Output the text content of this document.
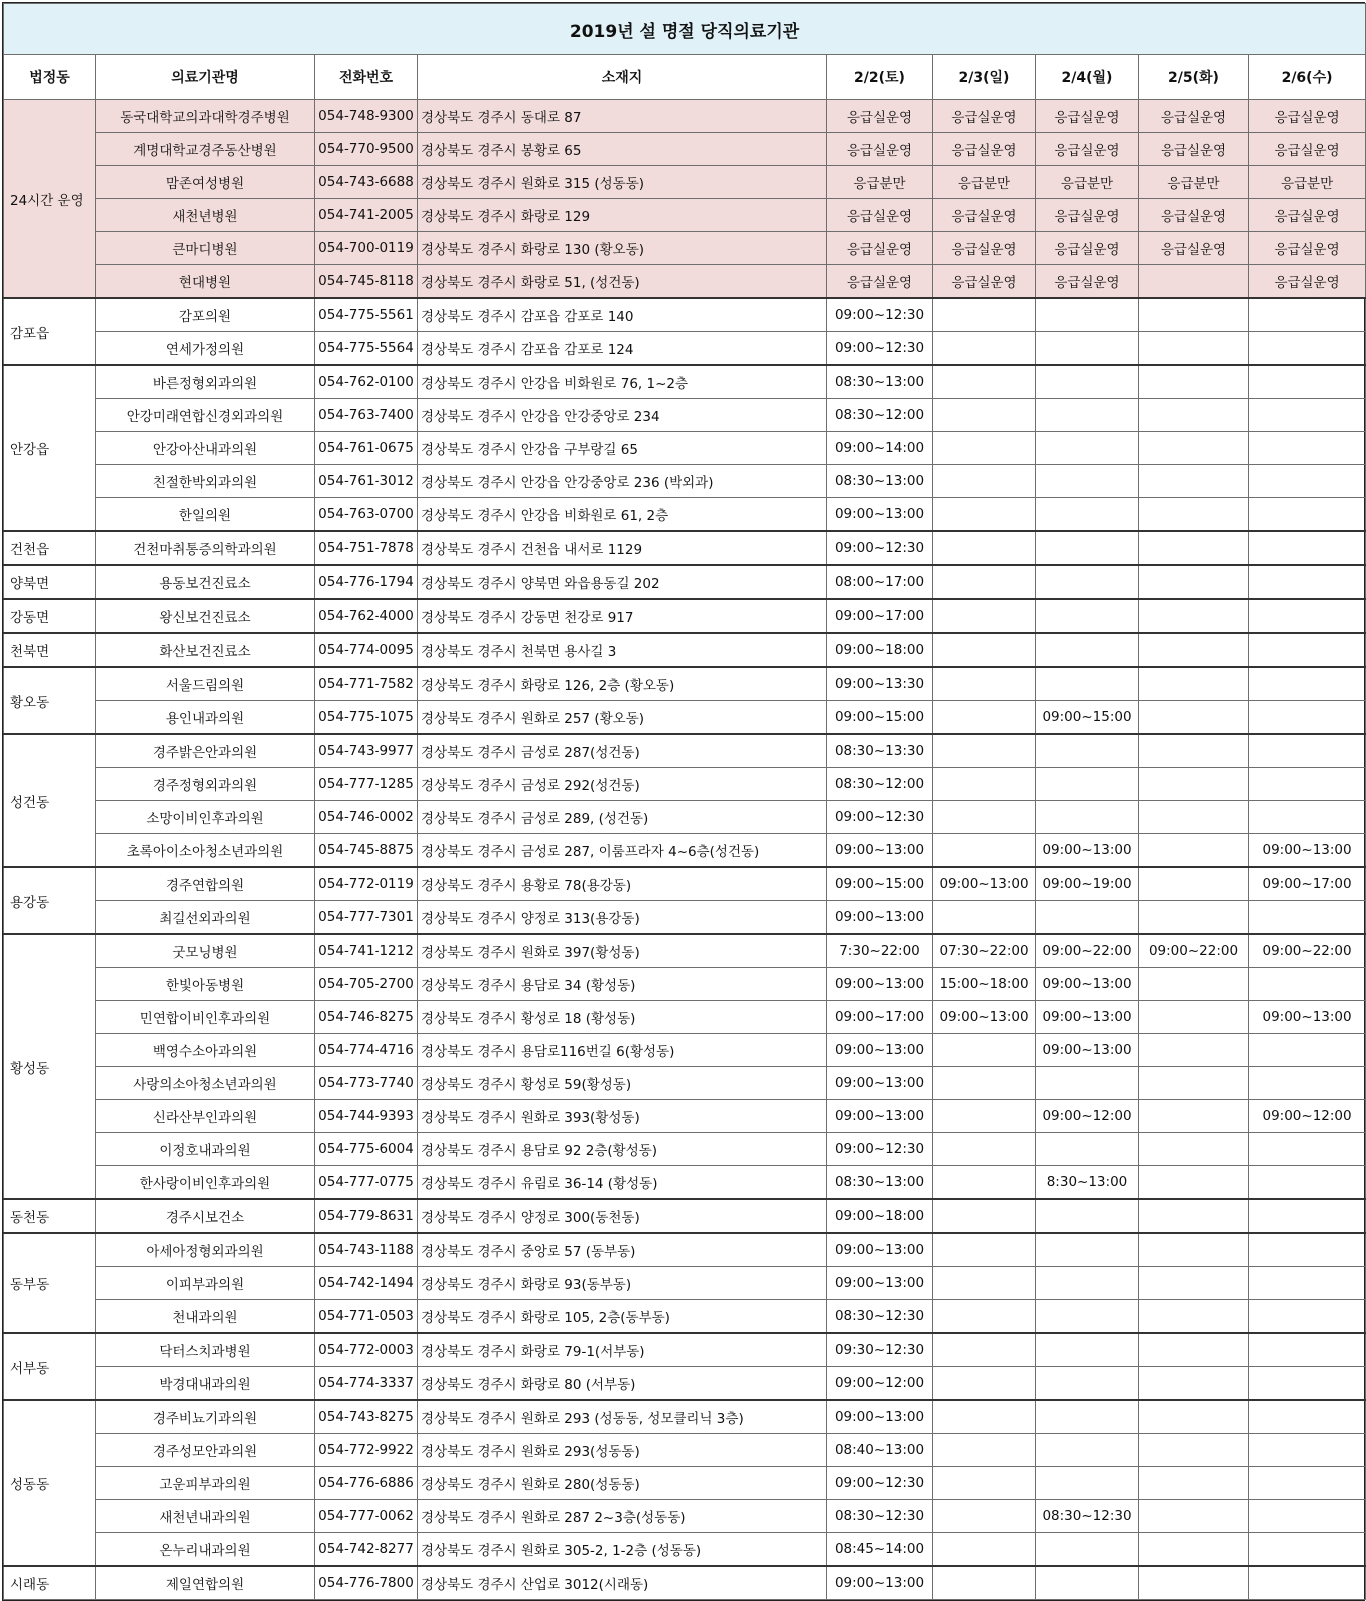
2019년 설 명절 당직의료기관								
법정동	의료기관명	전화번호	소재지	2/2(토)	2/3(일)	2/4(월)	2/5(화)	2/6(수)
24시간 운영	동국대학교의과대학경주병원	054-748-9300	경상북도 경주시 동대로 87	응급실운영	응급실운영	응급실운영	응급실운영	응급실운영
	계명대학교경주동산병원	054-770-9500	경상북도 경주시 봉황로 65	응급실운영	응급실운영	응급실운영	응급실운영	응급실운영
	맘존여성병원	054-743-6688	경상북도 경주시 원화로 315 (성동동)	응급분만	응급분만	응급분만	응급분만	응급분만
	새천년병원	054-741-2005	경상북도 경주시 화랑로 129	응급실운영	응급실운영	응급실운영	응급실운영	응급실운영
	큰마디병원	054-700-0119	경상북도 경주시 화랑로 130 (황오동)	응급실운영	응급실운영	응급실운영	응급실운영	응급실운영
	현대병원	054-745-8118	경상북도 경주시 화랑로 51, (성건동)	응급실운영	응급실운영	응급실운영		응급실운영
감포읍	감포의원	054-775-5561	경상북도 경주시 감포읍 감포로 140	09:00~12:30				
	연세가정의원	054-775-5564	경상북도 경주시 감포읍 감포로 124	09:00~12:30				
안강읍	바른정형외과의원	054-762-0100	경상북도 경주시 안강읍 비화원로 76, 1~2층	08:30~13:00				
	안강미래연합신경외과의원	054-763-7400	경상북도 경주시 안강읍 안강중앙로 234	08:30~12:00				
	안강아산내과의원	054-761-0675	경상북도 경주시 안강읍 구부랑길 65	09:00~14:00				
	친절한박외과의원	054-761-3012	경상북도 경주시 안강읍 안강중앙로 236 (박외과)	08:30~13:00				
	한일의원	054-763-0700	경상북도 경주시 안강읍 비화원로 61, 2층	09:00~13:00				
건천읍	건천마취통증의학과의원	054-751-7878	경상북도 경주시 건천읍 내서로 1129	09:00~12:30				
양북면	용동보건진료소	054-776-1794	경상북도 경주시 양북면 와읍용동길 202	08:00~17:00				
강동면	왕신보건진료소	054-762-4000	경상북도 경주시 강동면 천강로 917	09:00~17:00				
천북면	화산보건진료소	054-774-0095	경상북도 경주시 천북면 용사길 3	09:00~18:00				
황오동	서울드림의원	054-771-7582	경상북도 경주시 화랑로 126, 2층 (황오동)	09:00~13:30				
	용인내과의원	054-775-1075	경상북도 경주시 원화로 257 (황오동)	09:00~15:00		09:00~15:00		
성건동	경주밝은안과의원	054-743-9977	경상북도 경주시 금성로 287(성건동)	08:30~13:30				
	경주정형외과의원	054-777-1285	경상북도 경주시 금성로 292(성건동)	08:30~12:00				
	소망이비인후과의원	054-746-0002	경상북도 경주시 금성로 289, (성건동)	09:00~12:30				
	초록아이소아청소년과의원	054-745-8875	경상북도 경주시 금성로 287, 이룸프라자 4~6층(성건동)	09:00~13:00		09:00~13:00		09:00~13:00
용강동	경주연합의원	054-772-0119	경상북도 경주시 용황로 78(용강동)	09:00~15:00	09:00~13:00	09:00~19:00		09:00~17:00
	최길선외과의원	054-777-7301	경상북도 경주시 양정로 313(용강동)	09:00~13:00				
황성동	굿모닝병원	054-741-1212	경상북도 경주시 원화로 397(황성동)	7:30~22:00	07:30~22:00	09:00~22:00	09:00~22:00	09:00~22:00
	한빛아동병원	054-705-2700	경상북도 경주시 용담로 34 (황성동)	09:00~13:00	15:00~18:00	09:00~13:00		
	민연합이비인후과의원	054-746-8275	경상북도 경주시 황성로 18 (황성동)	09:00~17:00	09:00~13:00	09:00~13:00		09:00~13:00
	백영수소아과의원	054-774-4716	경상북도 경주시 용담로116번길 6(황성동)	09:00~13:00		09:00~13:00		
	사랑의소아청소년과의원	054-773-7740	경상북도 경주시 황성로 59(황성동)	09:00~13:00				
	신라산부인과의원	054-744-9393	경상북도 경주시 원화로 393(황성동)	09:00~13:00		09:00~12:00		09:00~12:00
	이정호내과의원	054-775-6004	경상북도 경주시 용담로 92 2층(황성동)	09:00~12:30				
	한사랑이비인후과의원	054-777-0775	경상북도 경주시 유림로 36-14 (황성동)	08:30~13:00		8:30~13:00		
동천동	경주시보건소	054-779-8631	경상북도 경주시 양정로 300(동천동)	09:00~18:00				
동부동	아세아정형외과의원	054-743-1188	경상북도 경주시 중앙로 57 (동부동)	09:00~13:00				
	이피부과의원	054-742-1494	경상북도 경주시 화랑로 93(동부동)	09:00~13:00				
	천내과의원	054-771-0503	경상북도 경주시 화랑로 105, 2층(동부동)	08:30~12:30				
서부동	닥터스치과병원	054-772-0003	경상북도 경주시 화랑로 79-1(서부동)	09:30~12:30				
	박경대내과의원	054-774-3337	경상북도 경주시 화랑로 80 (서부동)	09:00~12:00				
성동동	경주비뇨기과의원	054-743-8275	경상북도 경주시 원화로 293 (성동동, 성모클리닉 3층)	09:00~13:00				
	경주성모안과의원	054-772-9922	경상북도 경주시 원화로 293(성동동)	08:40~13:00				
	고운피부과의원	054-776-6886	경상북도 경주시 원화로 280(성동동)	09:00~12:30				
	새천년내과의원	054-777-0062	경상북도 경주시 원화로 287 2~3층(성동동)	08:30~12:30		08:30~12:30		
	온누리내과의원	054-742-8277	경상북도 경주시 원화로 305-2, 1-2층 (성동동)	08:45~14:00				
시래동	제일연합의원	054-776-7800	경상북도 경주시 산업로 3012(시래동)	09:00~13:00				
